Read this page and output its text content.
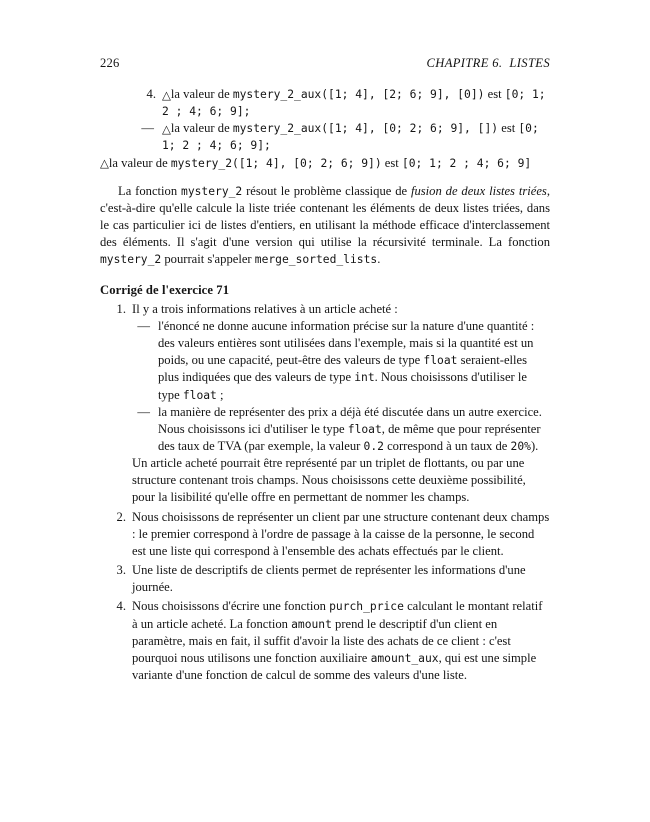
226	CHAPITRE 6.  LISTES
4. △la valeur de mystery_2_aux([1; 4], [2; 6; 9], [0]) est [0; 1; 2 ; 4; 6; 9];
— △la valeur de mystery_2_aux([1; 4], [0; 2; 6; 9], []) est [0; 1; 2 ; 4; 6; 9];
△la valeur de mystery_2([1; 4], [0; 2; 6; 9]) est [0; 1; 2 ; 4; 6; 9]

La fonction mystery_2 résout le problème classique de fusion de deux listes triées, c'est-à-dire qu'elle calcule la liste triée contenant les éléments de deux listes triées, dans le cas particulier ici de listes d'entiers, en utilisant la méthode efficace d'interclassement des éléments. Il s'agit d'une version qui utilise la récursivité terminale. La fonction mystery_2 pourrait s'appeler merge_sorted_lists.

Corrigé de l'exercice 71
1. Il y a trois informations relatives à un article acheté :
— l'énoncé ne donne aucune information précise sur la nature d'une quantité : des valeurs entières sont utilisées dans l'exemple, mais si la quantité est un poids, ou une capacité, peut-être des valeurs de type float seraient-elles plus indiquées que des valeurs de type int. Nous choisissons d'utiliser le type float ;
— la manière de représenter des prix a déjà été discutée dans un autre exercice. Nous choisissons ici d'utiliser le type float, de même que pour représenter des taux de TVA (par exemple, la valeur 0.2 correspond à un taux de 20%).
Un article acheté pourrait être représenté par un triplet de flottants, ou par une structure contenant trois champs. Nous choisissons cette deuxième possibilité, pour la lisibilité qu'elle offre en permettant de nommer les champs.
2. Nous choisissons de représenter un client par une structure contenant deux champs : le premier correspond à l'ordre de passage à la caisse de la personne, le second est une liste qui correspond à l'ensemble des achats effectués par le client.
3. Une liste de descriptifs de clients permet de représenter les informations d'une journée.
4. Nous choisissons d'écrire une fonction purch_price calculant le montant relatif à un article acheté. La fonction amount prend le descriptif d'un client en paramètre, mais en fait, il suffit d'avoir la liste des achats de ce client : c'est pourquoi nous utilisons une fonction auxiliaire amount_aux, qui est une simple variante d'une fonction de calcul de somme des valeurs d'une liste.
